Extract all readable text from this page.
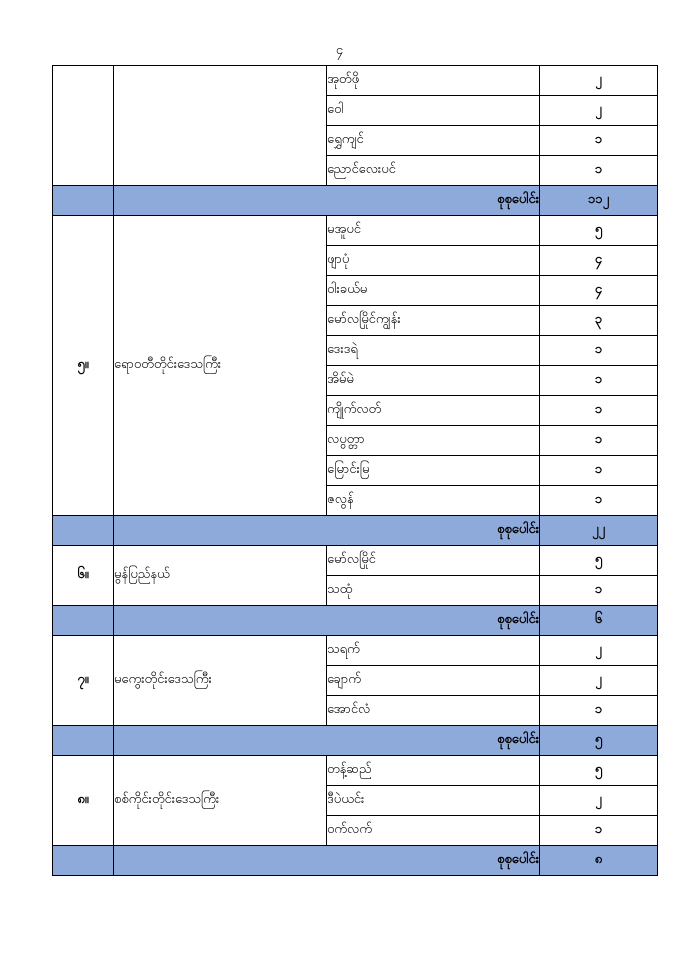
၄
		အုတ်ဖို	၂
		ဝေါ	၂
		ရွှေကျင်	၁
		ညောင်လေးပင်	၁
	စုစုပေါင်း		၁၁၂
၅။	ရောဝတီတိုင်းဒေသကြီး	မအူပင်	၅
		ဖျာပုံ	၄
		ဝါးခယ်မ	၄
		မော်လမြိုင်ကျွန်း	၃
		ဒေးဒရဲ	၁
		အိမ်မဲ	၁
		ကျိုက်လတ်	၁
		လပွတ္တာ	၁
		မြောင်းမြ	၁
		ဇလွန်	၁
	စုစုပေါင်း		၂၂
၆။	မွန်ပြည်နယ်	မော်လမြိုင်	၅
		သထုံ	၁
	စုစုပေါင်း		၆
၇။	မကွေးတိုင်းဒေသကြီး	သရက်	၂
		ချောက်	၂
		အောင်လံ	၁
	စုစုပေါင်း		၅
၈။	စစ်ကိုင်းတိုင်းဒေသကြီး	တန့်ဆည်	၅
		ဒီပဲယင်း	၂
		ဝက်လက်	၁
	စုစုပေါင်း		၈
